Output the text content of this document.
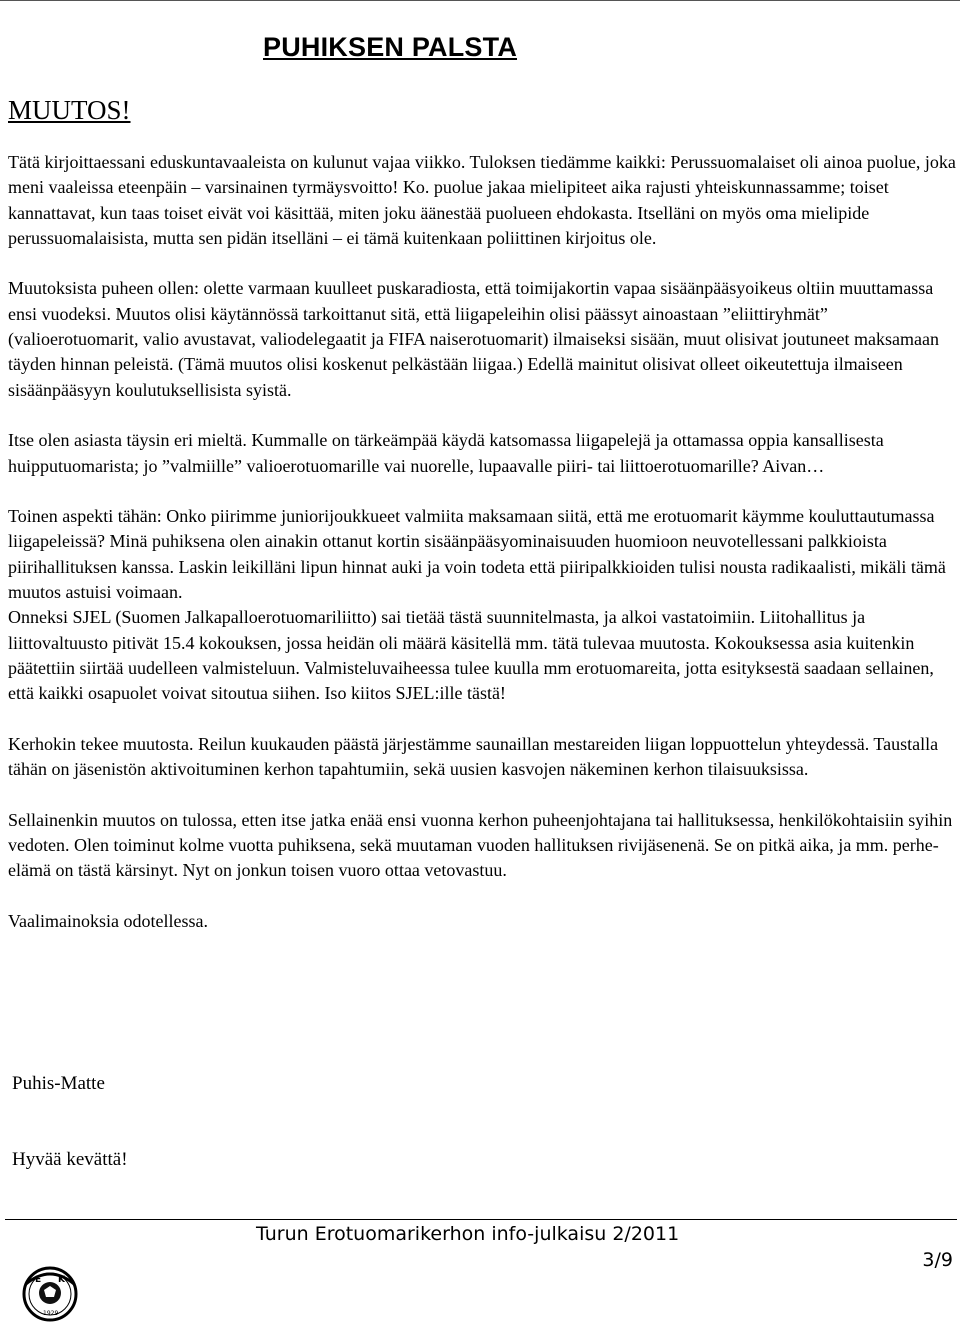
PUHIKSEN PALSTA
MUUTOS!

Tätä kirjoittaessani eduskuntavaaleista on kulunut vajaa viikko. Tuloksen tiedämme kaikki: Perussuomalaiset oli ainoa puolue, joka meni vaaleissa eteenpäin – varsinainen tyrmäysvoitto! Ko. puolue jakaa mielipiteet aika rajusti yhteiskunnassamme; toiset kannattavat, kun taas toiset eivät voi käsittää, miten joku äänestää puolueen ehdokasta. Itselläni on myös oma mielipide perussuomalaisista, mutta sen pidän itselläni – ei tämä kuitenkaan poliittinen kirjoitus ole.

Muutoksista puheen ollen: olette varmaan kuulleet puskaradiosta, että toimijakortin vapaa sisäänpääsyoikeus oltiin muuttamassa ensi vuodeksi. Muutos olisi käytännössä tarkoittanut sitä, että liigapeleihin olisi päässyt ainoastaan ”eliittiryhmät” (valioerotuomarit, valio avustavat, valiodelegaatit ja FIFA naiserotuomarit) ilmaiseksi sisään, muut olisivat joutuneet maksamaan täyden hinnan peleistä. (Tämä muutos olisi koskenut pelkästään liigaa.) Edellä mainitut olisivat olleet oikeutettuja ilmaiseen sisäänpääsyyn koulutuksellisista syistä.

Itse olen asiasta täysin eri mieltä. Kummalle on tärkeämpää käydä katsomassa liigapelejä ja ottamassa oppia kansallisesta huipputuomarista; jo ”valmiille” valioerotuomarille vai nuorelle, lupaavalle piiri- tai liittoerotuomarille? Aivan…

Toinen aspekti tähän: Onko piirimme juniorijoukkueet valmiita maksamaan siitä, että me erotuomarit käymme kouluttautumassa liigapeleissä? Minä puhiksena olen ainakin ottanut kortin sisäänpääsyominaisuuden huomioon neuvotellessani palkkioista piirihallituksen kanssa. Laskin leikilläni lipun hinnat auki ja voin todeta että piiripalkkioiden tulisi nousta radikaalisti, mikäli tämä muutos astuisi voimaan.

Onneksi SJEL (Suomen Jalkapalloerotuomariliitto) sai tietää tästä suunnitelmasta, ja alkoi vastatoimiin. Liitohallitus ja liittovaltuusto pitivät 15.4 kokouksen, jossa heidän oli määrä käsitellä mm. tätä tulevaa muutosta. Kokouksessa asia kuitenkin päätettiin siirtää uudelleen valmisteluun. Valmisteluvaiheessa tulee kuulla mm erotuomareita, jotta esityksestä saadaan sellainen, että kaikki osapuolet voivat sitoutua siihen. Iso kiitos SJEL:ille tästä!

Kerhokin tekee muutosta. Reilun kuukauden päästä järjestämme saunaillan mestareiden liigan loppuottelun yhteydessä. Taustalla tähän on jäsenistön aktivoituminen kerhon tapahtumiin, sekä uusien kasvojen näkeminen kerhon tilaisuuksissa.

Sellainenkin muutos on tulossa, etten itse jatka enää ensi vuonna kerhon puheenjohtajana tai hallituksessa, henkilökohtaisiin syihin vedoten. Olen toiminut kolme vuotta puhiksena, sekä muutaman vuoden hallituksen rivijäsenenä. Se on pitkä aika, ja mm. perhe-elämä on tästä kärsinyt. Nyt on jonkun toisen vuoro ottaa vetovastuu.

Vaalimainoksia odotellessa.

Puhis-Matte
Hyvää kevättä!
Turun Erotuomarikerhon info-julkaisu 2/2011
3/9
E K
1929
